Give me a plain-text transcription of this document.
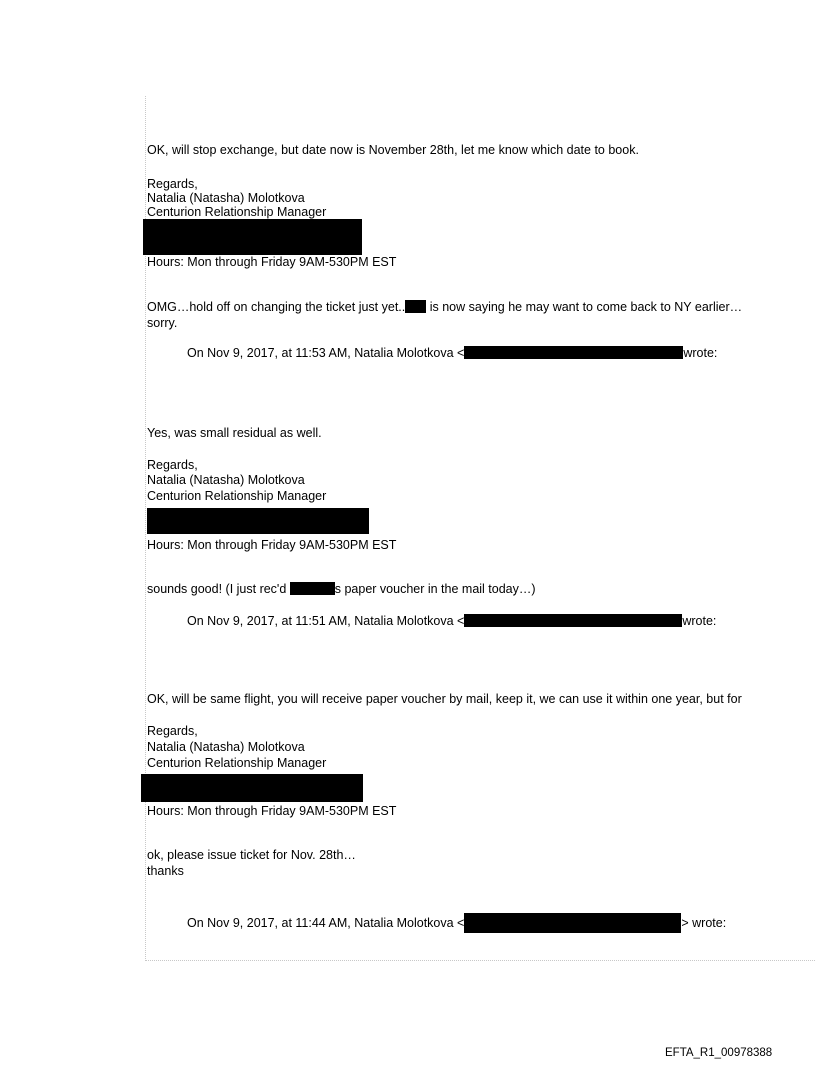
OK, will stop exchange, but date now is November 28th, let me know which date to book.
Regards,
Natalia (Natasha) Molotkova
Centurion Relationship Manager
Hours: Mon through Friday 9AM-530PM EST
OMG…hold off on changing the ticket just yet.. is now saying he may want to come back to NY earlier…
sorry.
On Nov 9, 2017, at 11:53 AM, Natalia Molotkova <	wrote:
Yes, was small residual as well.
Regards,
Natalia (Natasha) Molotkova
Centurion Relationship Manager
Hours: Mon through Friday 9AM-530PM EST
sounds good! (I just rec'd	s paper voucher in the mail today…)
On Nov 9, 2017, at 11:51 AM, Natalia Molotkova <	wrote:
OK, will be same flight, you will receive paper voucher by mail, keep it, we can use it within one year, but for
Regards,
Natalia (Natasha) Molotkova
Centurion Relationship Manager
Hours: Mon through Friday 9AM-530PM EST
ok, please issue ticket for Nov. 28th…
thanks
On Nov 9, 2017, at 11:44 AM, Natalia Molotkova <	> wrote:
EFTA_R1_00978388
